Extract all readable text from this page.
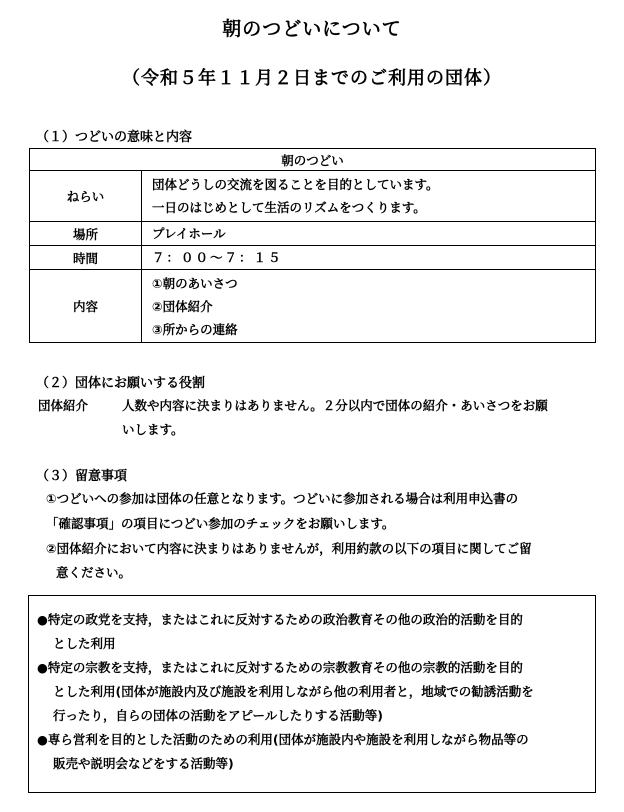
朝のつどいについて
（令和５年１１月２日までのご利用の団体）
（１）つどいの意味と内容
朝のつどい	
ねらい	団体どうしの交流を図ることを目的としています。
一日のはじめとして生活のリズムをつくります。

場所	プレイホール

時間	７：００～７：１５

内容	①朝のあいさつ
②団体紹介
③所からの連絡
（２）団体にお願いする役割
団体紹介	人数や内容に決まりはありません。２分以内で団体の紹介・あいさつをお願
いします。
（３）留意事項
①つどいへの参加は団体の任意となります。つどいに参加される場合は利用申込書の
「確認事項」の項目につどい参加のチェックをお願いします。
②団体紹介において内容に決まりはありませんが，利用約款の以下の項目に関してご留
意ください。
●特定の政党を支持，またはこれに反対するための政治教育その他の政治的活動を目的
とした利用
●特定の宗教を支持，またはこれに反対するための宗教教育その他の宗教的活動を目的
とした利用(団体が施設内及び施設を利用しながら他の利用者と，地域での勧誘活動を
行ったり，自らの団体の活動をアピールしたりする活動等)
●専ら営利を目的とした活動のための利用(団体が施設内や施設を利用しながら物品等の
販売や説明会などをする活動等)
